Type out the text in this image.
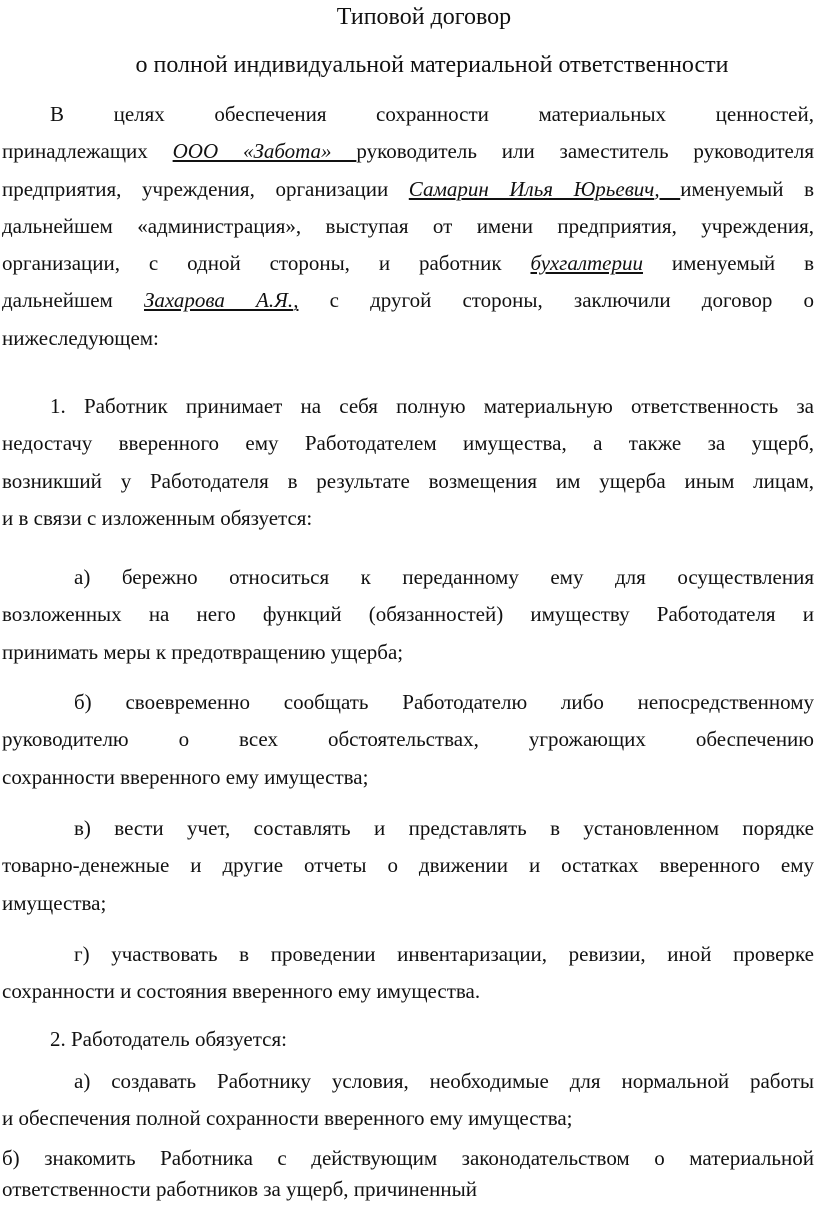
Типовой договор

о полной индивидуальной материальной ответственности

В целях обеспечения сохранности материальных ценностей,
принадлежащих ООО «Забота» руководитель или заместитель руководителя
предприятия, учреждения, организации Самарин Илья Юрьевич, именуемый в
дальнейшем «администрация», выступая от имени предприятия, учреждения,
организации, с одной стороны, и работник бухгалтерии именуемый в
дальнейшем Захарова А.Я., с другой стороны, заключили договор о
нижеследующем:
1. Работник принимает на себя полную материальную ответственность за
недостачу вверенного ему Работодателем имущества, а также за ущерб,
возникший у Работодателя в результате возмещения им ущерба иным лицам,
и в связи с изложенным обязуется:
а) бережно относиться к переданному ему для осуществления
возложенных на него функций (обязанностей) имуществу Работодателя и
принимать меры к предотвращению ущерба;
б) своевременно сообщать Работодателю либо непосредственному
руководителю о всех обстоятельствах, угрожающих обеспечению
сохранности вверенного ему имущества;
в) вести учет, составлять и представлять в установленном порядке
товарно-денежные и другие отчеты о движении и остатках вверенного ему
имущества;
г) участвовать в проведении инвентаризации, ревизии, иной проверке
сохранности и состояния вверенного ему имущества.
2. Работодатель обязуется:
а) создавать Работнику условия, необходимые для нормальной работы
и обеспечения полной сохранности вверенного ему имущества;
б) знакомить Работника с действующим законодательством о материальной
ответственности работников за ущерб, причиненный
